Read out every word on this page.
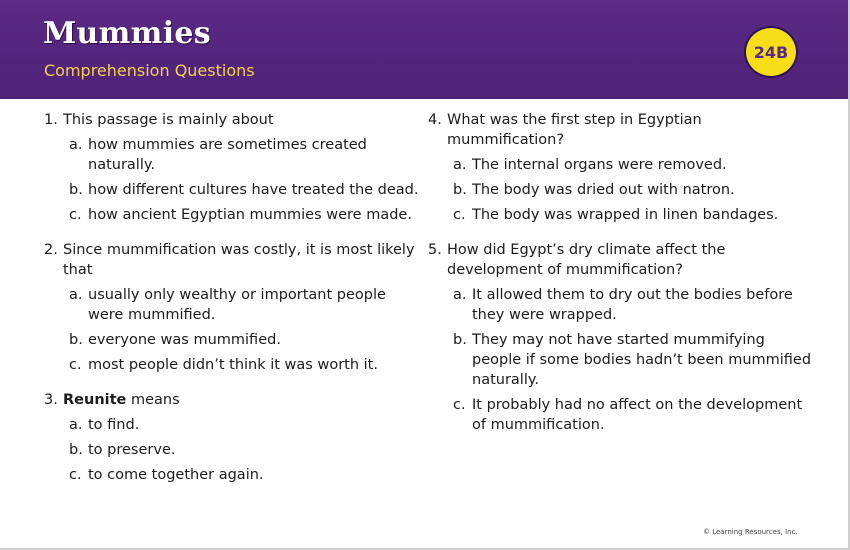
Mummies
Comprehension Questions
24B
1. This passage is mainly about
a. how mummies are sometimes created naturally.
b. how different cultures have treated the dead.
c. how ancient Egyptian mummies were made.
2. Since mummification was costly, it is most likely that
a. usually only wealthy or important people were mummified.
b. everyone was mummified.
c. most people didn’t think it was worth it.
3. Reunite means
a. to find.
b. to preserve.
c. to come together again.
4. What was the first step in Egyptian mummification?
a. The internal organs were removed.
b. The body was dried out with natron.
c. The body was wrapped in linen bandages.
5. How did Egypt’s dry climate affect the development of mummification?
a. It allowed them to dry out the bodies before they were wrapped.
b. They may not have started mummifying people if some bodies hadn’t been mummified naturally.
c. It probably had no affect on the development of mummification.
© Learning Resources, Inc.
